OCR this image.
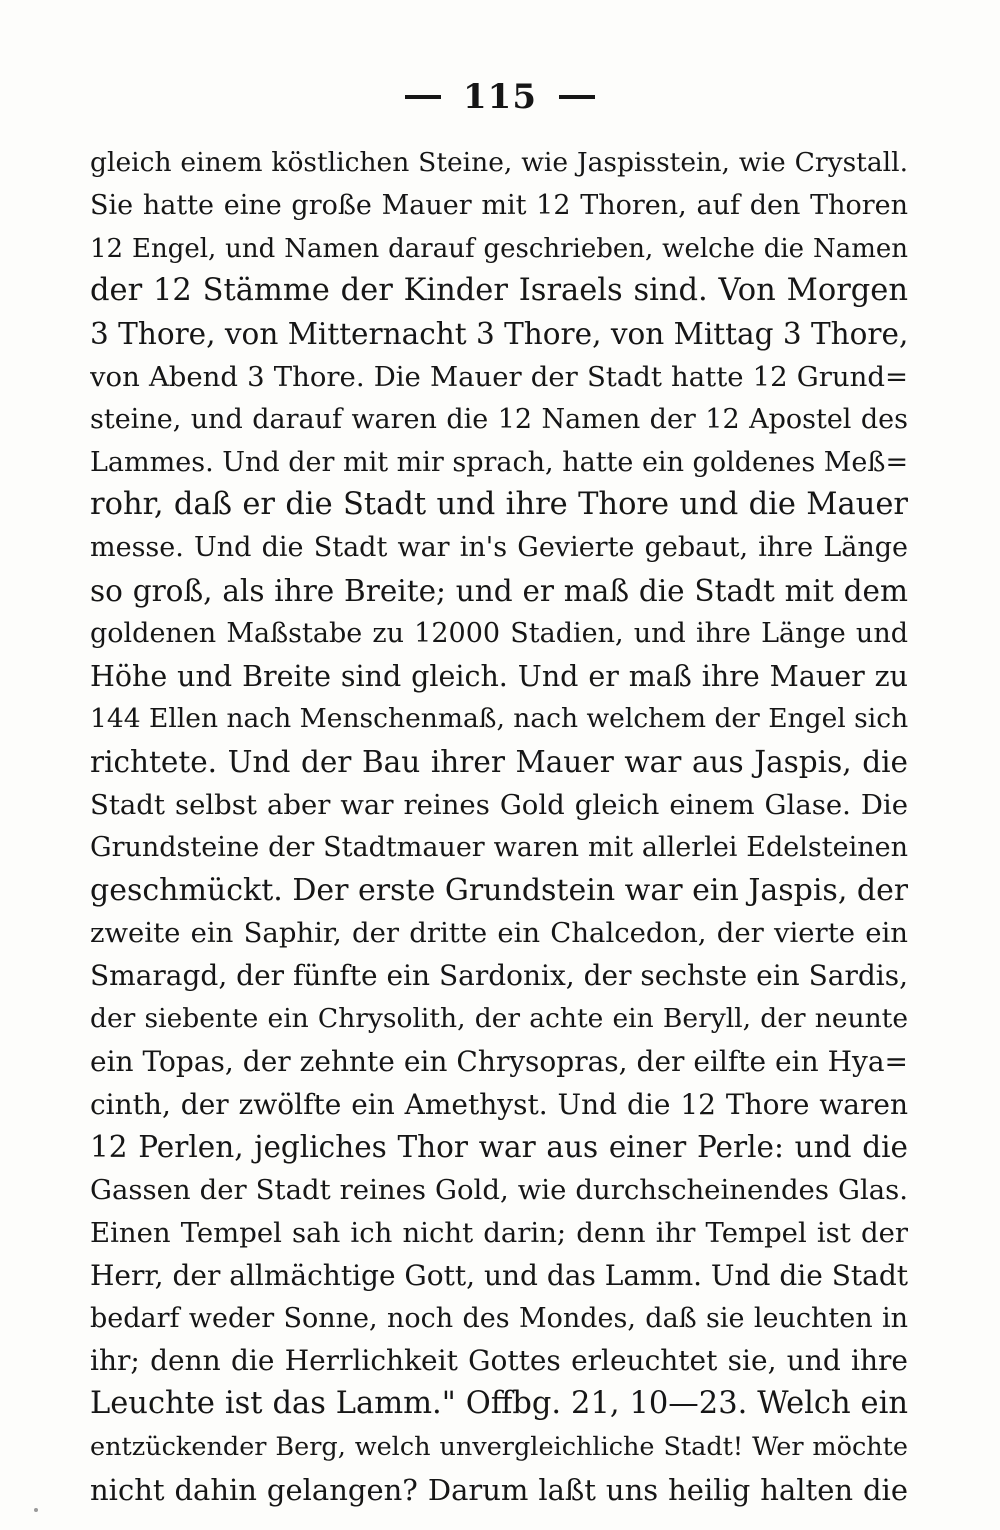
115
gleich einem köstlichen Steine, wie Jaspisstein, wie Crystall.
Sie hatte eine große Mauer mit 12 Thoren, auf den Thoren
12 Engel, und Namen darauf geschrieben, welche die Namen
der 12 Stämme der Kinder Israels sind. Von Morgen
3 Thore, von Mitternacht 3 Thore, von Mittag 3 Thore,
von Abend 3 Thore. Die Mauer der Stadt hatte 12 Grund=
steine, und darauf waren die 12 Namen der 12 Apostel des
Lammes. Und der mit mir sprach, hatte ein goldenes Meß=
rohr, daß er die Stadt und ihre Thore und die Mauer
messe. Und die Stadt war in's Gevierte gebaut, ihre Länge
so groß, als ihre Breite; und er maß die Stadt mit dem
goldenen Maßstabe zu 12000 Stadien, und ihre Länge und
Höhe und Breite sind gleich. Und er maß ihre Mauer zu
144 Ellen nach Menschenmaß, nach welchem der Engel sich
richtete. Und der Bau ihrer Mauer war aus Jaspis, die
Stadt selbst aber war reines Gold gleich einem Glase. Die
Grundsteine der Stadtmauer waren mit allerlei Edelsteinen
geschmückt. Der erste Grundstein war ein Jaspis, der
zweite ein Saphir, der dritte ein Chalcedon, der vierte ein
Smaragd, der fünfte ein Sardonix, der sechste ein Sardis,
der siebente ein Chrysolith, der achte ein Beryll, der neunte
ein Topas, der zehnte ein Chrysopras, der eilfte ein Hya=
cinth, der zwölfte ein Amethyst. Und die 12 Thore waren
12 Perlen, jegliches Thor war aus einer Perle: und die
Gassen der Stadt reines Gold, wie durchscheinendes Glas.
Einen Tempel sah ich nicht darin; denn ihr Tempel ist der
Herr, der allmächtige Gott, und das Lamm. Und die Stadt
bedarf weder Sonne, noch des Mondes, daß sie leuchten in
ihr; denn die Herrlichkeit Gottes erleuchtet sie, und ihre
Leuchte ist das Lamm." Offbg. 21, 10—23. Welch ein
entzückender Berg, welch unvergleichliche Stadt! Wer möchte
nicht dahin gelangen? Darum laßt uns heilig halten die
